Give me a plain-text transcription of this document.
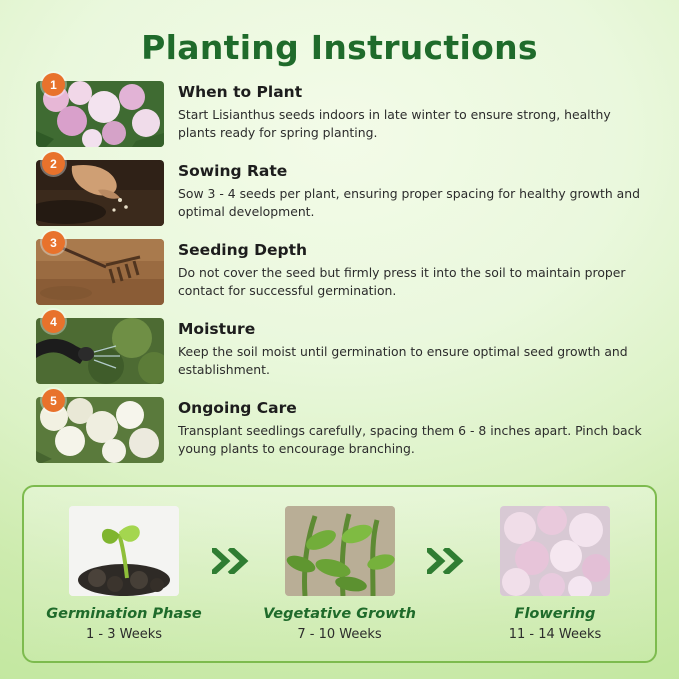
Planting Instructions
1	When to Plant

Start Lisianthus seeds indoors in late winter to ensure strong, healthy plants ready for spring planting.

2	Sowing Rate

Sow 3 - 4 seeds per plant, ensuring proper spacing for healthy growth and optimal development.

3	Seeding Depth

Do not cover the seed but firmly press it into the soil to maintain proper contact for successful germination.

4	Moisture

Keep the soil moist until germination to ensure optimal seed growth and establishment.

5	Ongoing Care

Transplant seedlings carefully, spacing them 6 - 8 inches apart. Pinch back young plants to encourage branching.

Germination Phase

1 - 3 Weeks

Vegetative Growth

7 - 10 Weeks

Flowering

11 - 14 Weeks
